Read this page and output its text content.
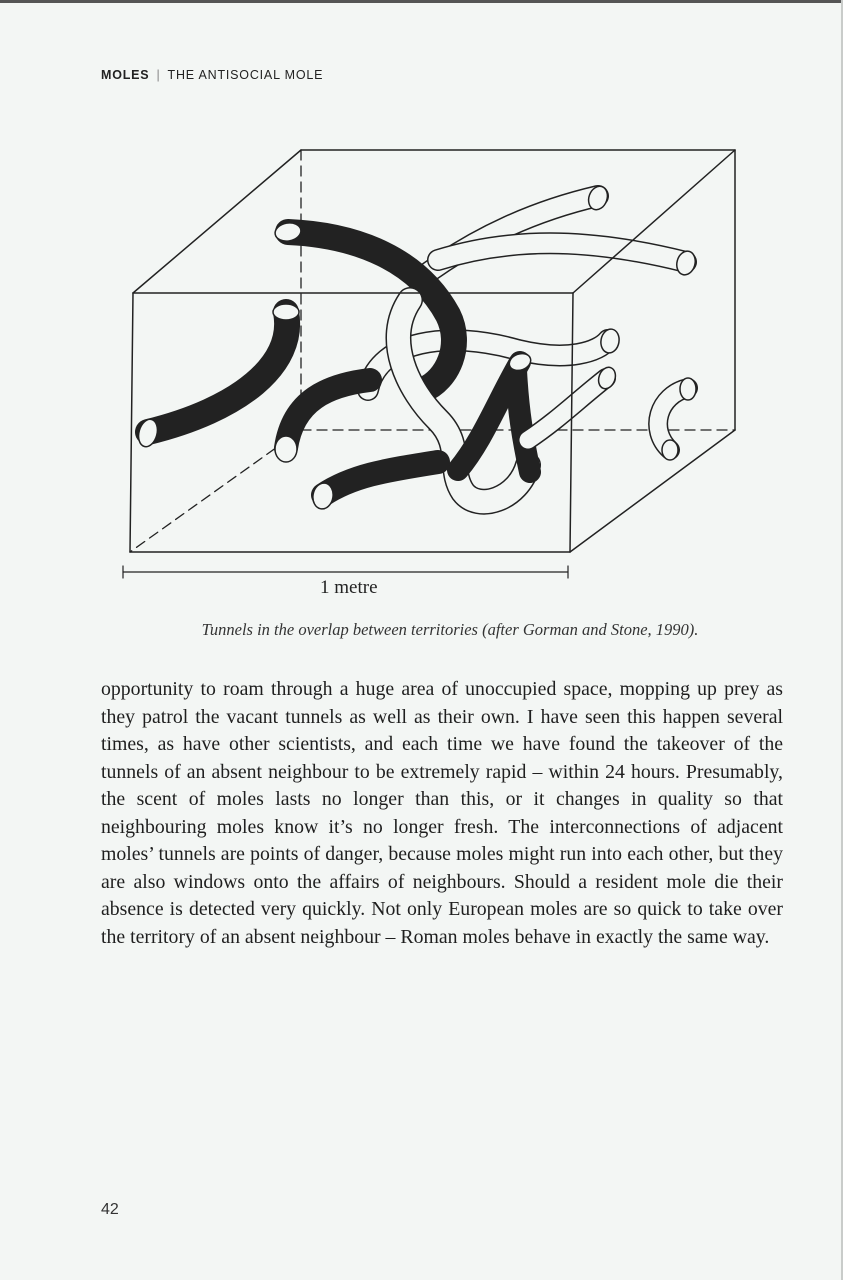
MOLES | THE ANTISOCIAL MOLE
1 metre
Tunnels in the overlap between territories (after Gorman and Stone, 1990).

opportunity to roam through a huge area of unoccupied space, mopping up prey as they patrol the vacant tunnels as well as their own. I have seen this happen several times, as have other scientists, and each time we have found the takeover of the tunnels of an absent neighbour to be extremely rapid – within 24 hours. Presumably, the scent of moles lasts no longer than this, or it changes in quality so that neighbouring moles know it’s no longer fresh. The interconnections of adjacent moles’ tunnels are points of danger, because moles might run into each other, but they are also windows onto the affairs of neighbours. Should a resident mole die their absence is detected very quickly. Not only European moles are so quick to take over the territory of an absent neighbour – Roman moles behave in exactly the same way.

42
